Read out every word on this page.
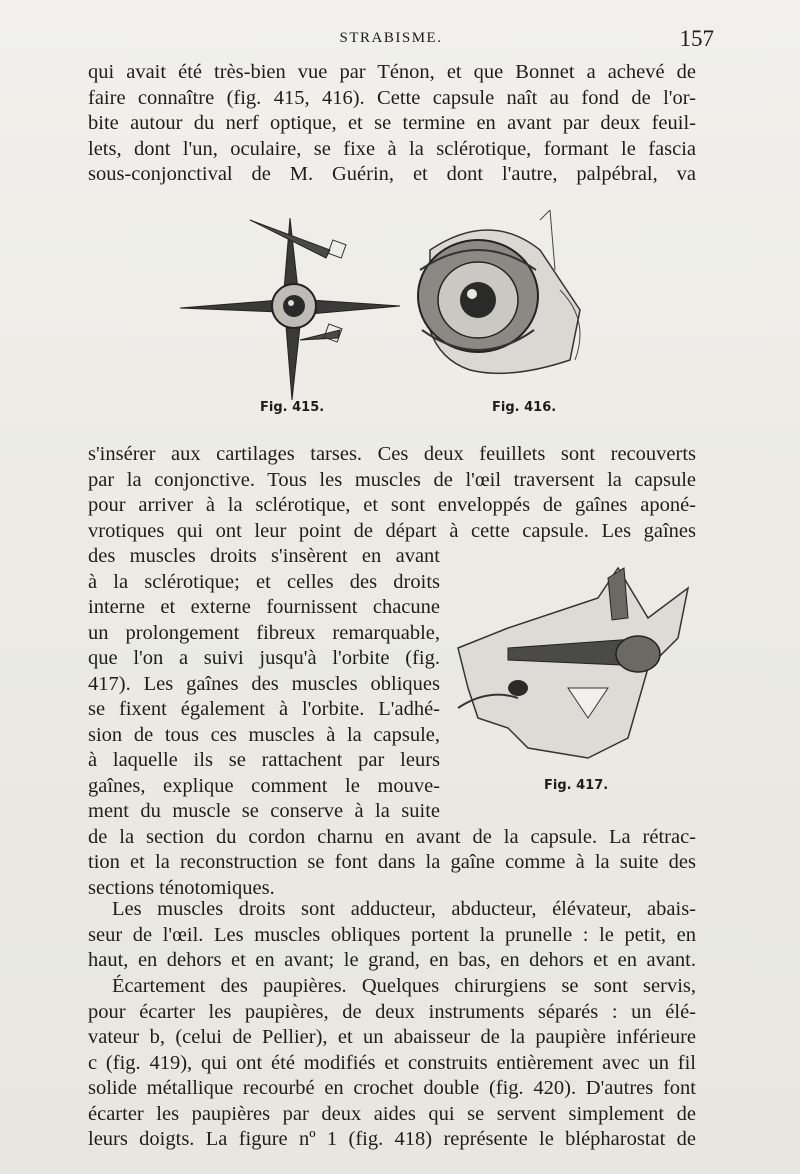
STRABISME.	157
qui avait été très-bien vue par Ténon, et que Bonnet a achevé de
faire connaître (fig. 415, 416). Cette capsule naît au fond de l'or-
bite autour du nerf optique, et se termine en avant par deux feuil-
lets, dont l'un, oculaire, se fixe à la sclérotique, formant le fascia
sous-conjonctival de M. Guérin, et dont l'autre, palpébral, va
Fig. 415.	Fig. 416.
s'insérer aux cartilages tarses. Ces deux feuillets sont recouverts
par la conjonctive. Tous les muscles de l'œil traversent la capsule
pour arriver à la sclérotique, et sont enveloppés de gaînes aponé-
vrotiques qui ont leur point de départ à cette capsule. Les gaînes
des muscles droits s'insèrent en avant
à la sclérotique; et celles des droits
interne et externe fournissent chacune
un prolongement fibreux remarquable,
que l'on a suivi jusqu'à l'orbite (fig.
417). Les gaînes des muscles obliques
se fixent également à l'orbite. L'adhé-
sion de tous ces muscles à la capsule,
à laquelle ils se rattachent par leurs
gaînes, explique comment le mouve-
ment du muscle se conserve à la suite
de la section du cordon charnu en avant de la capsule. La rétrac-
tion et la reconstruction se font dans la gaîne comme à la suite des
sections ténotomiques.
Fig. 417.
Les muscles droits sont adducteur, abducteur, élévateur, abais-
seur de l'œil. Les muscles obliques portent la prunelle : le petit, en
haut, en dehors et en avant; le grand, en bas, en dehors et en avant.
Écartement des paupières. Quelques chirurgiens se sont servis,
pour écarter les paupières, de deux instruments séparés : un élé-
vateur b, (celui de Pellier), et un abaisseur de la paupière inférieure
c (fig. 419), qui ont été modifiés et construits entièrement avec un fil
solide métallique recourbé en crochet double (fig. 420). D'autres font
écarter les paupières par deux aides qui se servent simplement de
leurs doigts. La figure nº 1 (fig. 418) représente le blépharostat de
